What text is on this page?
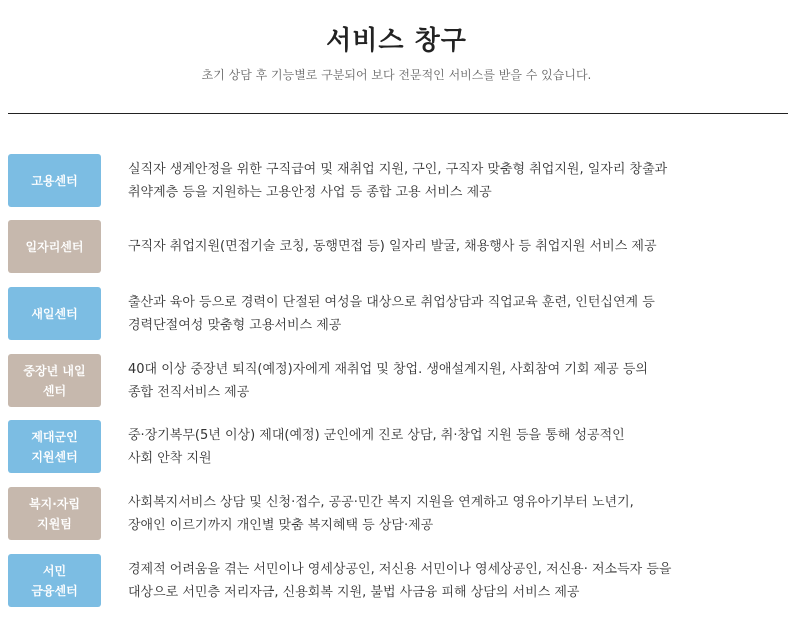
서비스 창구
초기 상담 후 기능별로 구분되어 보다 전문적인 서비스를 받을 수 있습니다.
고용센터
실직자 생계안정을 위한 구직급여 및 재취업 지원, 구인, 구직자 맞춤형 취업지원, 일자리 창출과
취약계층 등을 지원하는 고용안정 사업 등 종합 고용 서비스 제공
일자리센터	구직자 취업지원(면접기술 코칭, 동행면접 등) 일자리 발굴, 채용행사 등 취업지원 서비스 제공
새일센터
출산과 육아 등으로 경력이 단절된 여성을 대상으로 취업상담과 직업교육 훈련, 인턴십연계 등
경력단절여성 맞춤형 고용서비스 제공
중장년 내일
센터
40대 이상 중장년 퇴직(예정)자에게 재취업 및 창업. 생애설계지원, 사회참여 기회 제공 등의
종합 전직서비스 제공
제대군인
지원센터
중·장기복무(5년 이상) 제대(예정) 군인에게 진로 상담, 취·창업 지원 등을 통해 성공적인
사회 안착 지원
복지·자립
지원팀
사회복지서비스 상담 및 신청·접수, 공공·민간 복지 지원을 연계하고 영유아기부터 노년기,
장애인 이르기까지 개인별 맞춤 복지혜택 등 상담·제공
서민
금융센터
경제적 어려움을 겪는 서민이나 영세상공인, 저신용 서민이나 영세상공인, 저신용· 저소득자 등을
대상으로 서민층 저리자금, 신용회복 지원, 불법 사금융 피해 상담의 서비스 제공
